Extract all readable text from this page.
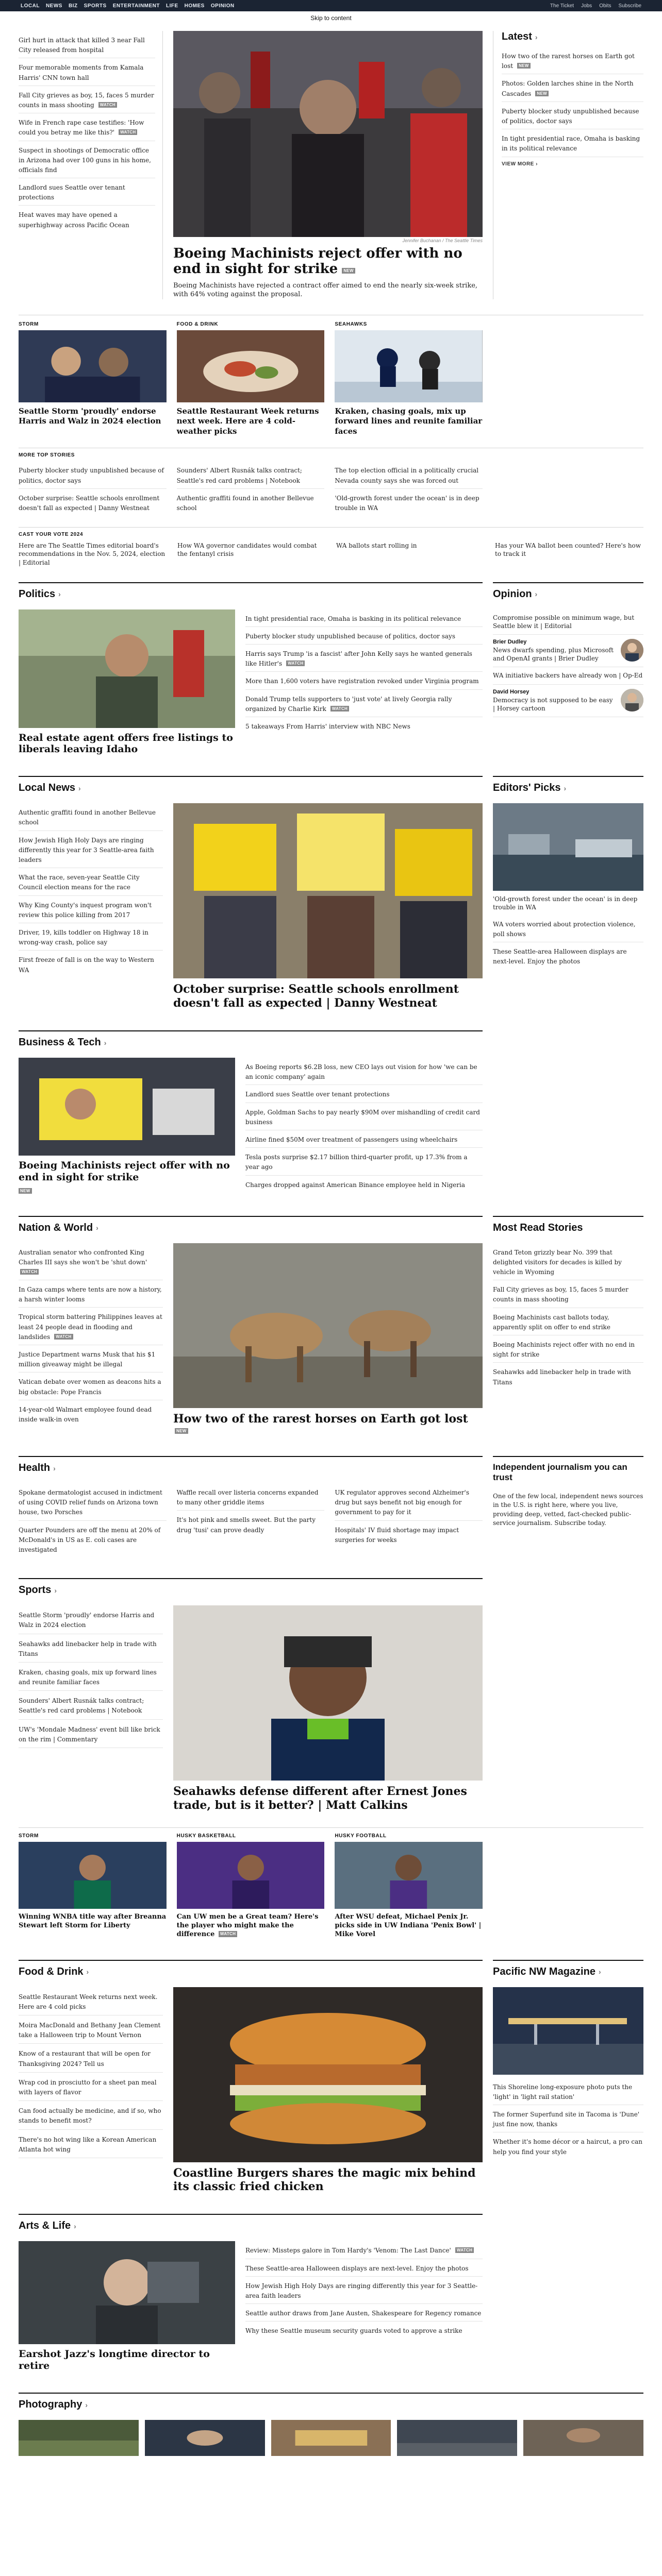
LOCAL NEWS BIZ SPORTS ENTERTAINMENT LIFE HOMES OPINION	The Ticket Jobs Obits Subscribe
Skip to content
Girl hurt in attack that killed 3 near Fall City released from hospital
Four memorable moments from Kamala Harris' CNN town hall
Fall City grieves as boy, 15, faces 5 murder counts in mass shooting WATCH
Wife in French rape case testifies: 'How could you betray me like this?' WATCH
Suspect in shootings of Democratic office in Arizona had over 100 guns in his home, officials find
Landlord sues Seattle over tenant protections
Heat waves may have opened a superhighway across Pacific Ocean
Jennifer Buchanan / The Seattle Times
Boeing Machinists reject offer with no end in sight for strike NEW
Boeing Machinists have rejected a contract offer aimed to end the nearly six-week strike, with 64% voting against the proposal.
Latest ›
How two of the rarest horses on Earth got lost NEW
Photos: Golden larches shine in the North Cascades NEW
Puberty blocker study unpublished because of politics, doctor says
In tight presidential race, Omaha is basking in its political relevance
VIEW MORE ›
STORM
Seattle Storm 'proudly' endorse Harris and Walz in 2024 election
FOOD & DRINK
Seattle Restaurant Week returns next week. Here are 4 cold-weather picks
SEAHAWKS
Kraken, chasing goals, mix up forward lines and reunite familiar faces
MORE TOP STORIES
Puberty blocker study unpublished because of politics, doctor says
October surprise: Seattle schools enrollment doesn't fall as expected | Danny Westneat
Sounders' Albert Rusnák talks contract; Seattle's red card problems | Notebook
Authentic graffiti found in another Bellevue school
The top election official in a politically crucial Nevada county says she was forced out
'Old-growth forest under the ocean' is in deep trouble in WA
CAST YOUR VOTE 2024
Here are The Seattle Times editorial board's recommendations in the Nov. 5, 2024, election | Editorial
How WA governor candidates would combat the fentanyl crisis
WA ballots start rolling in	Has your WA ballot been counted? Here's how to track it
Politics ›
Real estate agent offers free listings to liberals leaving Idaho
In tight presidential race, Omaha is basking in its political relevance
Puberty blocker study unpublished because of politics, doctor says
Harris says Trump 'is a fascist' after John Kelly says he wanted generals like Hitler's WATCH
More than 1,600 voters have registration revoked under Virginia program
Donald Trump tells supporters to 'just vote' at lively Georgia rally organized by Charlie Kirk WATCH
5 takeaways From Harris' interview with NBC News
Opinion ›
Compromise possible on minimum wage, but Seattle blew it | Editorial
Brier Dudley
News dwarfs spending, plus Microsoft and OpenAI grants | Brier Dudley
WA initiative backers have already won | Op-Ed
David Horsey
Democracy is not supposed to be easy | Horsey cartoon
Local News ›
Authentic graffiti found in another Bellevue school
How Jewish High Holy Days are ringing differently this year for 3 Seattle-area faith leaders
What the race, seven-year Seattle City Council election means for the race
Why King County's inquest program won't review this police killing from 2017
Driver, 19, kills toddler on Highway 18 in wrong-way crash, police say
First freeze of fall is on the way to Western WA
October surprise: Seattle schools enrollment doesn't fall as expected | Danny Westneat
Editors' Picks ›
'Old-growth forest under the ocean' is in deep trouble in WA
WA voters worried about protection violence, poll shows
These Seattle-area Halloween displays are next-level. Enjoy the photos
Business & Tech ›
Boeing Machinists reject offer with no end in sight for strike
NEW
As Boeing reports $6.2B loss, new CEO lays out vision for how 'we can be an iconic company' again
Landlord sues Seattle over tenant protections
Apple, Goldman Sachs to pay nearly $90M over mishandling of credit card business
Airline fined $50M over treatment of passengers using wheelchairs
Tesla posts surprise $2.17 billion third-quarter profit, up 17.3% from a year ago
Charges dropped against American Binance employee held in Nigeria
Nation & World ›
Australian senator who confronted King Charles III says she won't be 'shut down' WATCH
In Gaza camps where tents are now a history, a harsh winter looms
Tropical storm battering Philippines leaves at least 24 people dead in flooding and landslides WATCH
Justice Department warns Musk that his $1 million giveaway might be illegal
Vatican debate over women as deacons hits a big obstacle: Pope Francis
14-year-old Walmart employee found dead inside walk-in oven	How two of the rarest horses on Earth got lost NEW
Most Read Stories
Grand Teton grizzly bear No. 399 that delighted visitors for decades is killed by vehicle in Wyoming
Fall City grieves as boy, 15, faces 5 murder counts in mass shooting
Boeing Machinists cast ballots today, apparently split on offer to end strike
Boeing Machinists reject offer with no end in sight for strike
Seahawks add linebacker help in trade with Titans
Health ›
Spokane dermatologist accused in indictment of using COVID relief funds on Arizona town house, two Porsches
Quarter Pounders are off the menu at 20% of McDonald's in US as E. coli cases are investigated
Waffle recall over listeria concerns expanded to many other griddle items
It's hot pink and smells sweet. But the party drug 'tusi' can prove deadly
UK regulator approves second Alzheimer's drug but says benefit not big enough for government to pay for it
Hospitals' IV fluid shortage may impact surgeries for weeks
Independent journalism you can trust
One of the few local, independent news sources in the U.S. is right here, where you live, providing deep, vetted, fact-checked public-service journalism. Subscribe today.
Sports ›
Seattle Storm 'proudly' endorse Harris and Walz in 2024 election
Seahawks add linebacker help in trade with Titans
Kraken, chasing goals, mix up forward lines and reunite familiar faces
Sounders' Albert Rusnák talks contract; Seattle's red card problems | Notebook
UW's 'Mondale Madness' event bill like brick on the rim | Commentary
Seahawks defense different after Ernest Jones trade, but is it better? | Matt Calkins
STORM
Winning WNBA title way after Breanna Stewart left Storm for Liberty
HUSKY BASKETBALL
Can UW men be a Great team? Here's the player who might make the difference WATCH
HUSKY FOOTBALL
After WSU defeat, Michael Penix Jr. picks side in UW Indiana 'Penix Bowl' | Mike Vorel
Food & Drink ›
Seattle Restaurant Week returns next week. Here are 4 cold picks
Moira MacDonald and Bethany Jean Clement take a Halloween trip to Mount Vernon
Know of a restaurant that will be open for Thanksgiving 2024? Tell us
Wrap cod in prosciutto for a sheet pan meal with layers of flavor
Can food actually be medicine, and if so, who stands to benefit most?
There's no hot wing like a Korean American Atlanta hot wing
Coastline Burgers shares the magic mix behind its classic fried chicken
Pacific NW Magazine ›
This Shoreline long-exposure photo puts the 'light' in 'light rail station'
The former Superfund site in Tacoma is 'Dune' just fine now, thanks
Whether it's home décor or a haircut, a pro can help you find your style
Arts & Life ›
Earshot Jazz's longtime director to retire
Review: Missteps galore in Tom Hardy's 'Venom: The Last Dance' WATCH
These Seattle-area Halloween displays are next-level. Enjoy the photos
How Jewish High Holy Days are ringing differently this year for 3 Seattle-area faith leaders
Seattle author draws from Jane Austen, Shakespeare for Regency romance
Why these Seattle museum security guards voted to approve a strike
Photography ›
